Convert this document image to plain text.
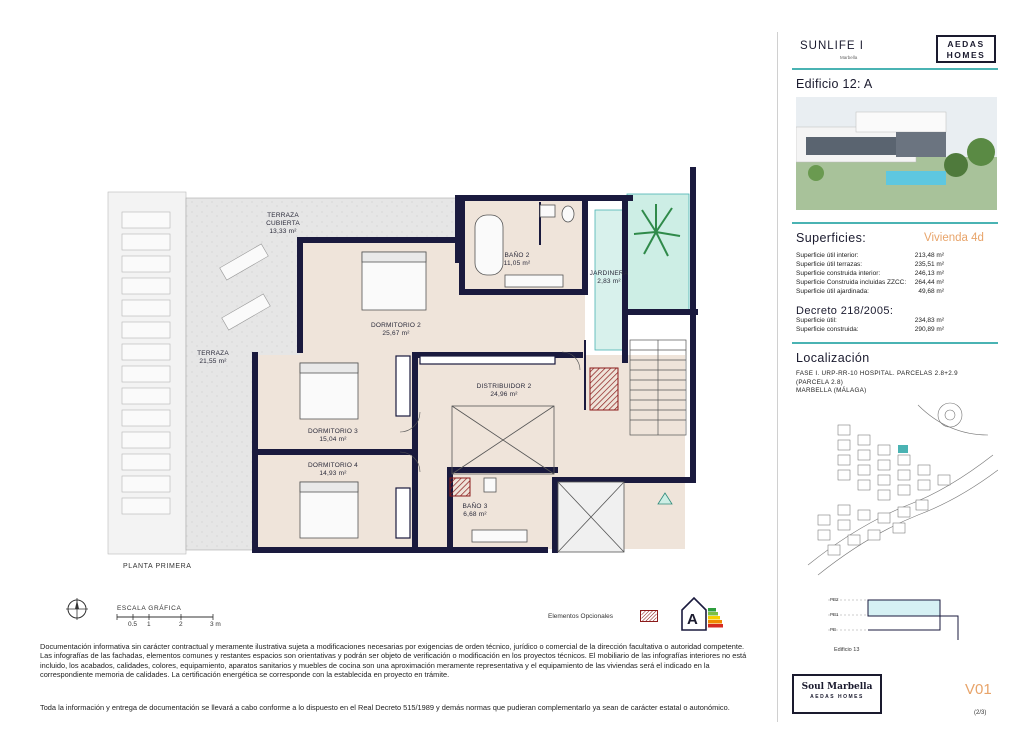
TERRAZA
CUBIERTA
13,33 m²
BAÑO 2
11,05 m²
JARDINERA
2,83 m²
DORMITORIO 2
25,67 m²
TERRAZA
21,55 m²
DISTRIBUIDOR 2
24,96 m²
DORMITORIO 3
15,04 m²
DORMITORIO 4
14,93 m²
BAÑO 3
6,68 m²
PLANTA PRIMERA
ESCALA GRÁFICA
0.5 1	2	3 m
Elementos Opcionales	A
Documentación informativa sin carácter contractual y meramente ilustrativa sujeta a modificaciones necesarias por exigencias de orden técnico, jurídico o comercial de la dirección facultativa o autoridad competente. Las infografías de las fachadas, elementos comunes y restantes espacios son orientativas y podrán ser objeto de verificación o modificación en los proyectos técnicos. El mobiliario de las infografías interiores no está incluido, los acabados, calidades, colores, equipamiento, aparatos sanitarios y muebles de cocina son una aproximación meramente representativa y el equipamiento de las viviendas será el indicado en la correspondiente memoria de calidades. La certificación energética se corresponde con la establecida en proyecto en trámite.
Toda la información y entrega de documentación se llevará a cabo conforme a lo dispuesto en el Real Decreto 515/1989 y demás normas que pudieran complementarlo ya sean de carácter estatal o autonómico.
SUNLIFE I
Marbella
AEDAS
HOMES
Edificio 12: A
Superficies:	Vivienda 4d
Superficie útil interior:	213,48 m²
Superficie útil terrazas:	235,51 m²
Superficie construida interior:	246,13 m²
Superficie Construida incluidas ZZCC: 264,44 m²
Superficie útil ajardinada:	49,68 m²
Decreto 218/2005:
Superficie útil:	234,83 m²
Superficie construida:	290,89 m²
Localización
FASE I. URP-RR-10 HOSPITAL. PARCELAS 2.8+2.9
(PARCELA 2.8)
MARBELLA (MÁLAGA)
PB2
PB1
PB
Edificio 13
Soul Marbella
AEDAS HOMES	V01
(2/3)
